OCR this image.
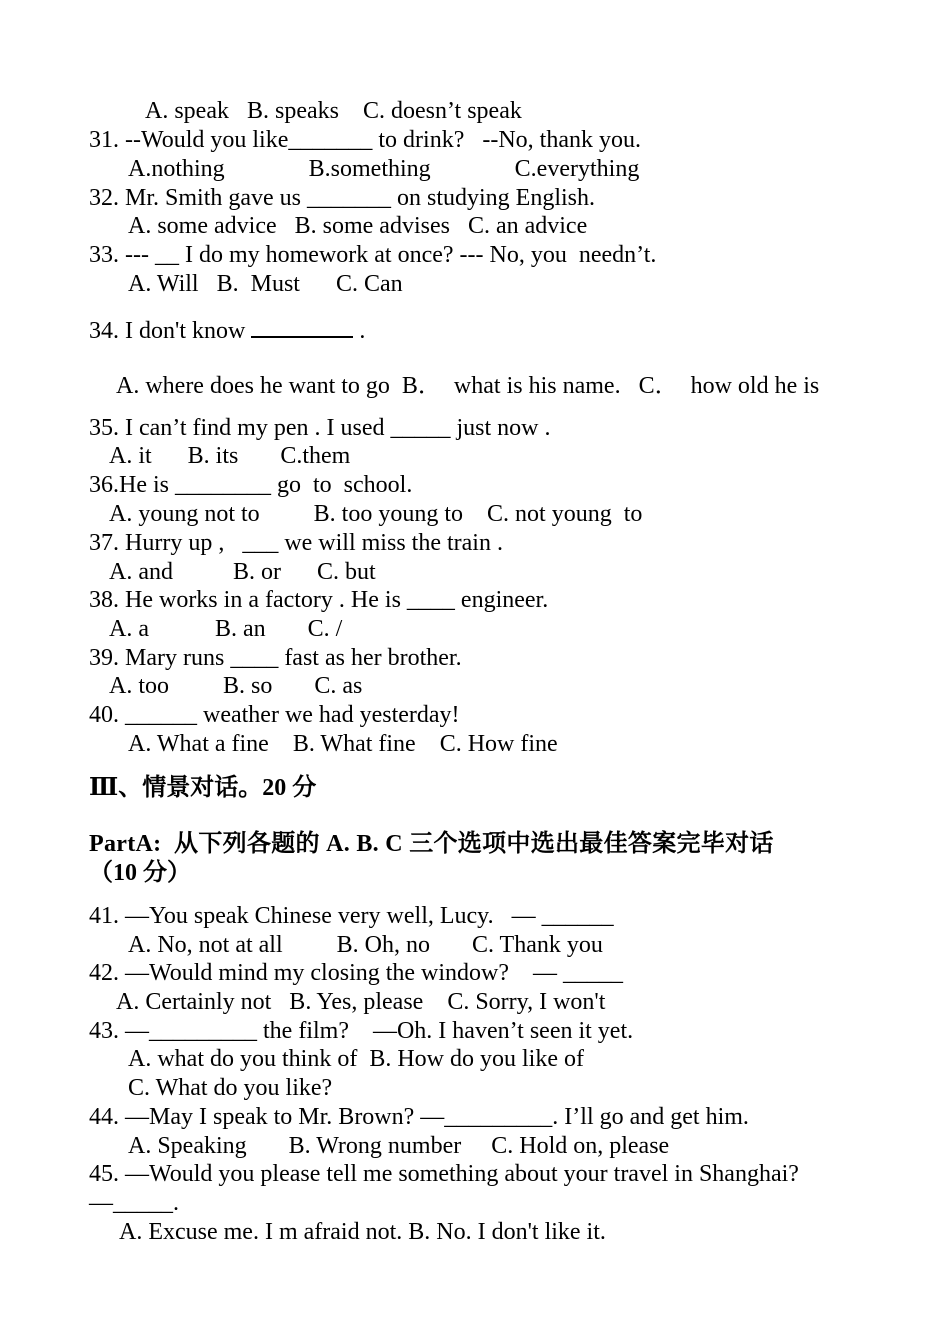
A. speak   B. speaks    C. doesn’t speak
31. --Would you like_______ to drink?   --No, thank you.
A.nothing              B.something              C.everything
32. Mr. Smith gave us _______ on studying English.
A. some advice   B. some advises   C. an advice
33. --- __ I do my homework at once? --- No, you  needn’t.
A. Will   B.  Must      C. Can
34. I don't know	.
A. where does he want to go  B．  what is his name.   C．  how old he is
35. I can’t find my pen . I used _____ just now .
A. it      B. its       C.them
36.He is ________ go  to  school.
A. young not to         B. too young to    C. not young  to
37. Hurry up ,   ___ we will miss the train .
A. and          B. or      C. but
38. He works in a factory . He is ____ engineer.
A. a           B. an       C. /
39. Mary runs ____ fast as her brother.
A. too         B. so       C. as
40. ______ weather we had yesterday!
A. What a fine    B. What fine    C. How fine
Ⅲ、情景对话。20 分
PartA:  从下列各题的 A. B. C 三个选项中选出最佳答案完毕对话
（10 分）
41. —You speak Chinese very well, Lucy.   — ______
A. No, not at all         B. Oh, no       C. Thank you
42. —Would mind my closing the window?    — _____
A. Certainly not   B. Yes, please    C. Sorry, I won't
43. —_________ the film?    —Oh. I haven’t seen it yet.
A. what do you think of  B. How do you like of
C. What do you like?
44. —May I speak to Mr. Brown? —_________. I’ll go and get him.
A. Speaking       B. Wrong number     C. Hold on, please
45. —Would you please tell me something about your travel in Shanghai?
—_____.
A. Excuse me. I m afraid not. B. No. I don't like it.
